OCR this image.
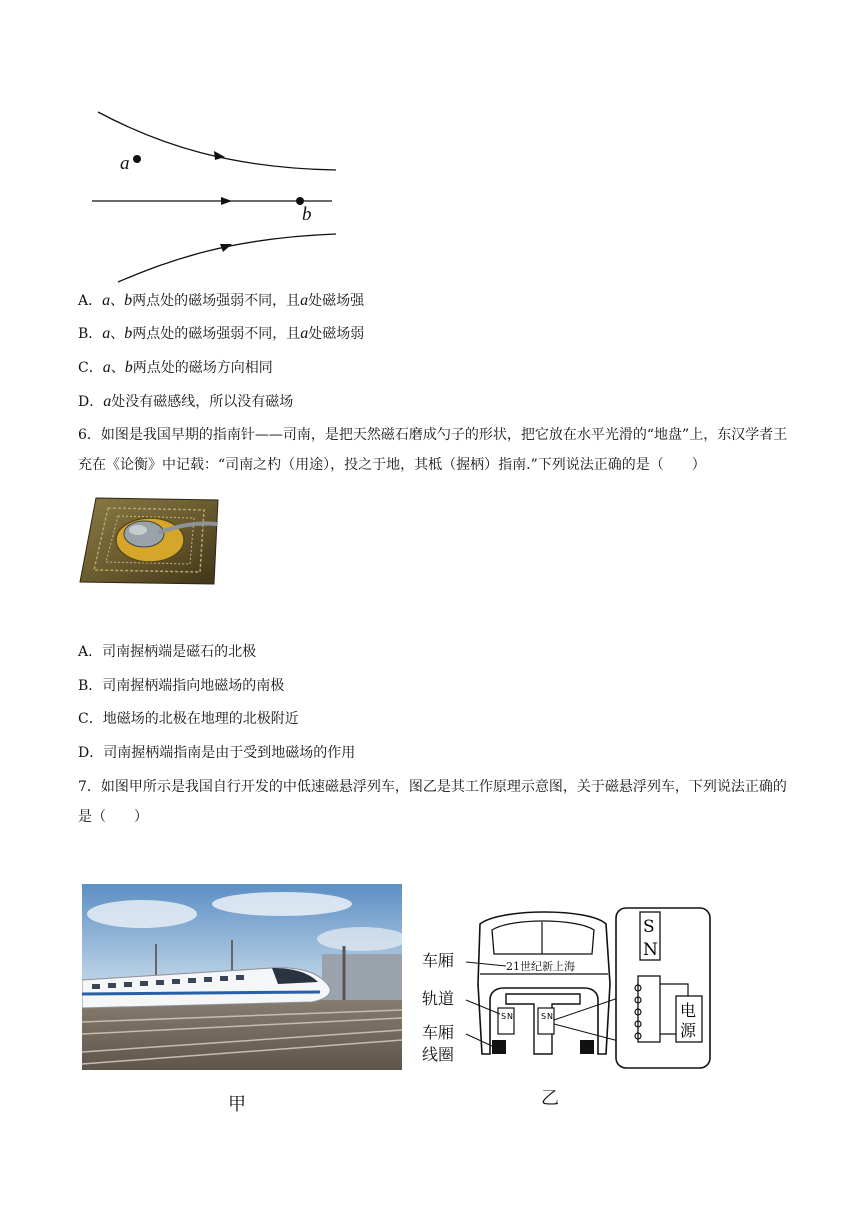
a
b
A．a、b两点处的磁场强弱不同，且a处磁场强
B．a、b两点处的磁场强弱不同，且a处磁场弱
C．a、b两点处的磁场方向相同
D．a处没有磁感线，所以没有磁场
6．如图是我国早期的指南针——司南，是把天然磁石磨成勺子的形状，把它放在水平光滑的“地盘”上，东汉学者王充在《论衡》中记载：“司南之杓（用途），投之于地，其柢（握柄）指南.”下列说法正确的是（　　）
A．司南握柄端是磁石的北极
B．司南握柄端指向地磁场的南极
C．地磁场的北极在地理的北极附近
D．司南握柄端指南是由于受到地磁场的作用
7．如图甲所示是我国自行开发的中低速磁悬浮列车，图乙是其工作原理示意图，关于磁悬浮列车，下列说法正确的是（　　）
甲
车厢
轨道
车厢
线圈
21世纪新上海
S N	S N
S
N
电
源
乙
